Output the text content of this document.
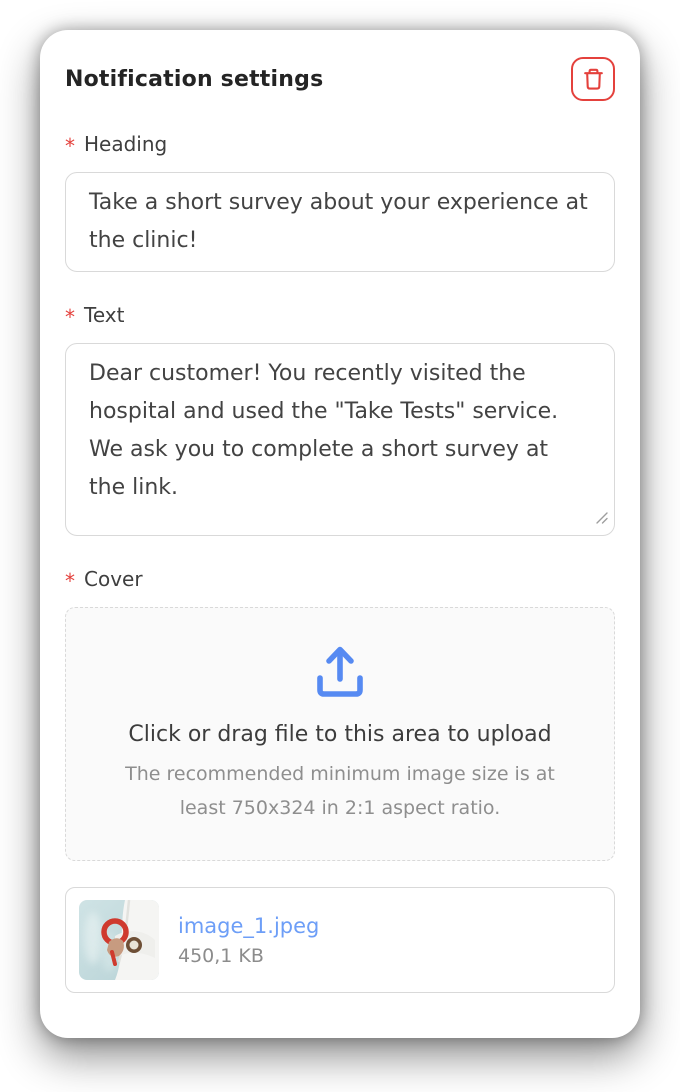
Notification settings
* Heading
Take a short survey about your experience at the clinic!
* Text
Dear customer! You recently visited the hospital and used the "Take Tests" service. We ask you to complete a short survey at the link.
* Cover
Click or drag file to this area to upload
The recommended minimum image size is at least 750x324 in 2:1 aspect ratio.
image_1.jpeg
450,1 KB
